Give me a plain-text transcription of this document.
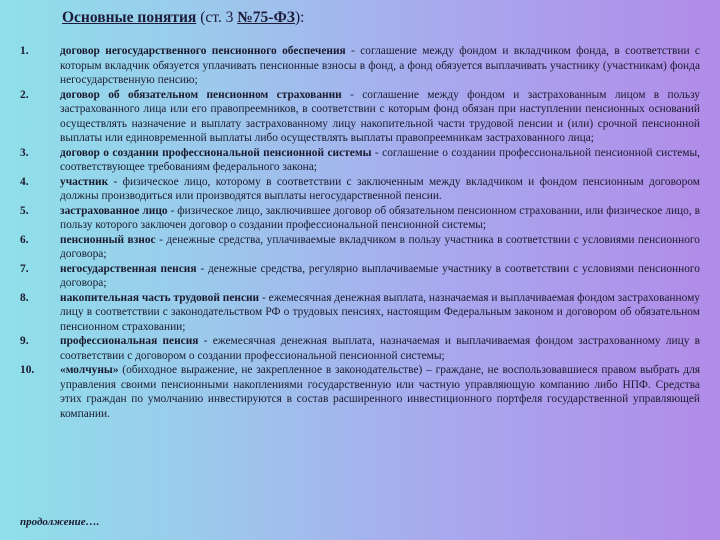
Основные понятия (ст. 3 №75-ФЗ):
1.	договор негосударственного пенсионного обеспечения - соглашение между фондом и вкладчиком фонда, в соответствии с которым вкладчик обязуется уплачивать пенсионные взносы в фонд, а фонд обязуется выплачивать участнику (участникам) фонда негосударственную пенсию;
2.	договор об обязательном пенсионном страховании - соглашение между фондом и застрахованным лицом в пользу застрахованного лица или его правопреемников, в соответствии с которым фонд обязан при наступлении пенсионных оснований осуществлять назначение и выплату застрахованному лицу накопительной части трудовой пенсии и (или) срочной пенсионной выплаты или единовременной выплаты либо осуществлять выплаты правопреемникам застрахованного лица;
3.	договор о создании профессиональной пенсионной системы - соглашение о создании профессиональной пенсионной системы, соответствующее требованиям федерального закона;
4.	участник - физическое лицо, которому в соответствии с заключенным между вкладчиком и фондом пенсионным договором должны производиться или производятся выплаты негосударственной пенсии.
5.	застрахованное лицо - физическое лицо, заключившее договор об обязательном пенсионном страховании, или физическое лицо, в пользу которого заключен договор о создании профессиональной пенсионной системы;
6.	пенсионный взнос - денежные средства, уплачиваемые вкладчиком в пользу участника в соответствии с условиями пенсионного договора;
7.	негосударственная пенсия - денежные средства, регулярно выплачиваемые участнику в соответствии с условиями пенсионного договора;
8.	накопительная часть трудовой пенсии - ежемесячная денежная выплата, назначаемая и выплачиваемая фондом застрахованному лицу в соответствии с законодательством РФ о трудовых пенсиях, настоящим Федеральным законом и договором об обязательном пенсионном страховании;
9.	профессиональная пенсия - ежемесячная денежная выплата, назначаемая и выплачиваемая фондом застрахованному лицу в соответствии с договором о создании профессиональной пенсионной системы;
10.	«молчуны» (обиходное выражение, не закрепленное в законодательстве) – граждане, не воспользовавшиеся правом выбрать для управления своими пенсионными накоплениями государственную или частную управляющую компанию либо НПФ. Средства этих граждан по умолчанию инвестируются в состав расширенного инвестиционного портфеля государственной управляющей компании.
продолжение….
